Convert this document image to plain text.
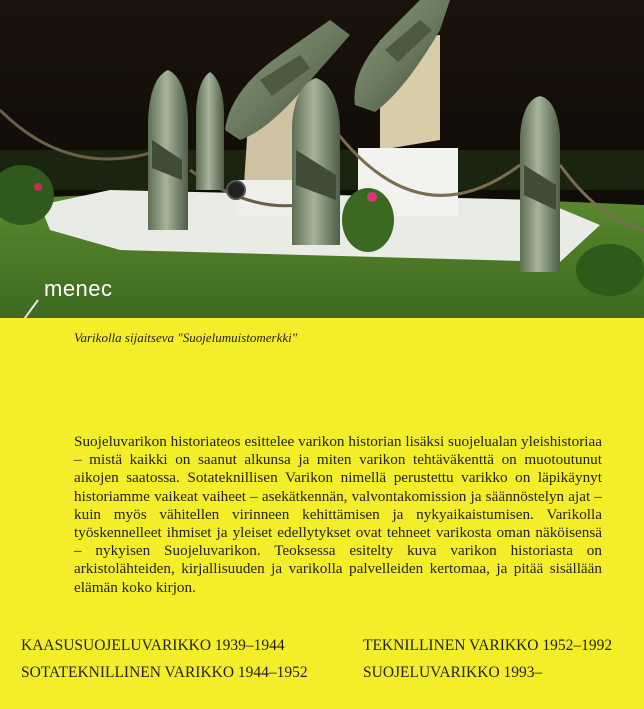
menec
Varikolla sijaitseva "Suojelumuistomerkki"

Suojeluvarikon historiateos esittelee varikon historian lisäksi suojelualan yleishistoriaa – mistä kaikki on saanut alkunsa ja miten varikon tehtäväkenttä on muotoutunut aikojen saatossa. Sotateknillisen Varikon nimellä perustettu varikko on läpikäynyt historiamme vaikeat vaiheet – asekätkennän, valvontakomission ja säännöstelyn ajat – kuin myös vähitellen virinneen kehittämisen ja nykyaikaistumisen. Varikolla työskennelleet ihmiset ja yleiset edellytykset ovat tehneet varikosta oman näköisensä – nykyisen Suojeluvarikon. Teoksessa esitelty kuva varikon historiasta on arkistolähteiden, kirjallisuuden ja varikolla palvelleiden kertomaa, ja pitää sisällään elämän koko kirjon.

KAASUSUOJELUVARIKKO 1939–1944
SOTATEKNILLINEN VARIKKO 1944–1952
TEKNILLINEN VARIKKO 1952–1992
SUOJELUVARIKKO 1993–
